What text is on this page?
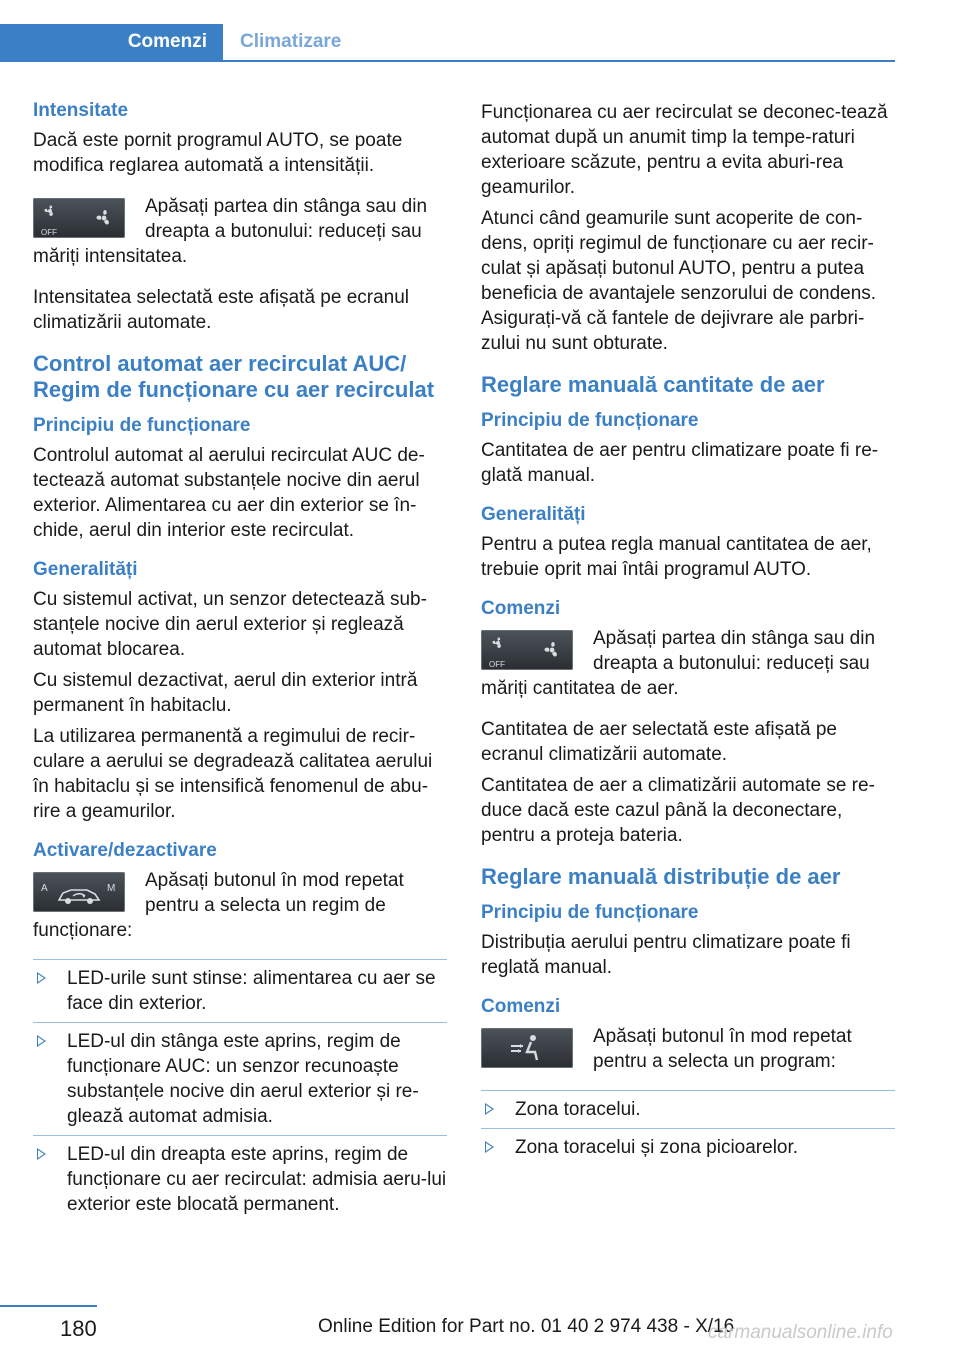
Comenzi	Climatizare
Intensitate

Dacă este pornit programul AUTO, se poate modifica reglarea automată a intensității.

OFF
Apăsați partea din stânga sau din dreapta a butonului: reduceți sau măriți intensitatea.

Intensitatea selectată este afișată pe ecranul climatizării automate.

Control automat aer recirculat AUC/ Regim de funcționare cu aer recirculat
Principiu de funcționare

Controlul automat al aerului recirculat AUC de-tectează automat substanțele nocive din aerul exterior. Alimentarea cu aer din exterior se în-chide, aerul din interior este recirculat.

Generalități

Cu sistemul activat, un senzor detectează sub-stanțele nocive din aerul exterior și reglează automat blocarea.

Cu sistemul dezactivat, aerul din exterior intră permanent în habitaclu.

La utilizarea permanentă a regimului de recir-culare a aerului se degradează calitatea aerului în habitaclu și se intensifică fenomenul de abu-rire a geamurilor.

Activare/dezactivare
A	M Apăsați butonul în mod repetat pentru a selecta un regim de funcționare:
LED-urile sunt stinse: alimentarea cu aer se face din exterior.
LED-ul din stânga este aprins, regim de funcționare AUC: un senzor recunoaște substanțele nocive din aerul exterior și re-glează automat admisia.
LED-ul din dreapta este aprins, regim de funcționare cu aer recirculat: admisia aeru-lui exterior este blocată permanent.

Funcționarea cu aer recirculat se deconec-tează automat după un anumit timp la tempe-raturi exterioare scăzute, pentru a evita aburi-rea geamurilor.

Atunci când geamurile sunt acoperite de con-dens, opriți regimul de funcționare cu aer recir-culat și apăsați butonul AUTO, pentru a putea beneficia de avantajele senzorului de condens. Asigurați-vă că fantele de dejivrare ale parbri-zului nu sunt obturate.

Reglare manuală cantitate de aer
Principiu de funcționare

Cantitatea de aer pentru climatizare poate fi re-glată manual.

Generalități

Pentru a putea regla manual cantitatea de aer, trebuie oprit mai întâi programul AUTO.

Comenzi
OFF
Apăsați partea din stânga sau din dreapta a butonului: reduceți sau măriți cantitatea de aer.

Cantitatea de aer selectată este afișată pe ecranul climatizării automate.

Cantitatea de aer a climatizării automate se re-duce dacă este cazul până la deconectare, pentru a proteja bateria.

Reglare manuală distribuție de aer
Principiu de funcționare

Distribuția aerului pentru climatizare poate fi reglată manual.

Comenzi
Apăsați butonul în mod repetat pentru a selecta un program:
Zona toracelui.
Zona toracelui și zona picioarelor.
180	Online Edition for Part no. 01 40 2 974 438 - X/16
carmanualsonline.info
